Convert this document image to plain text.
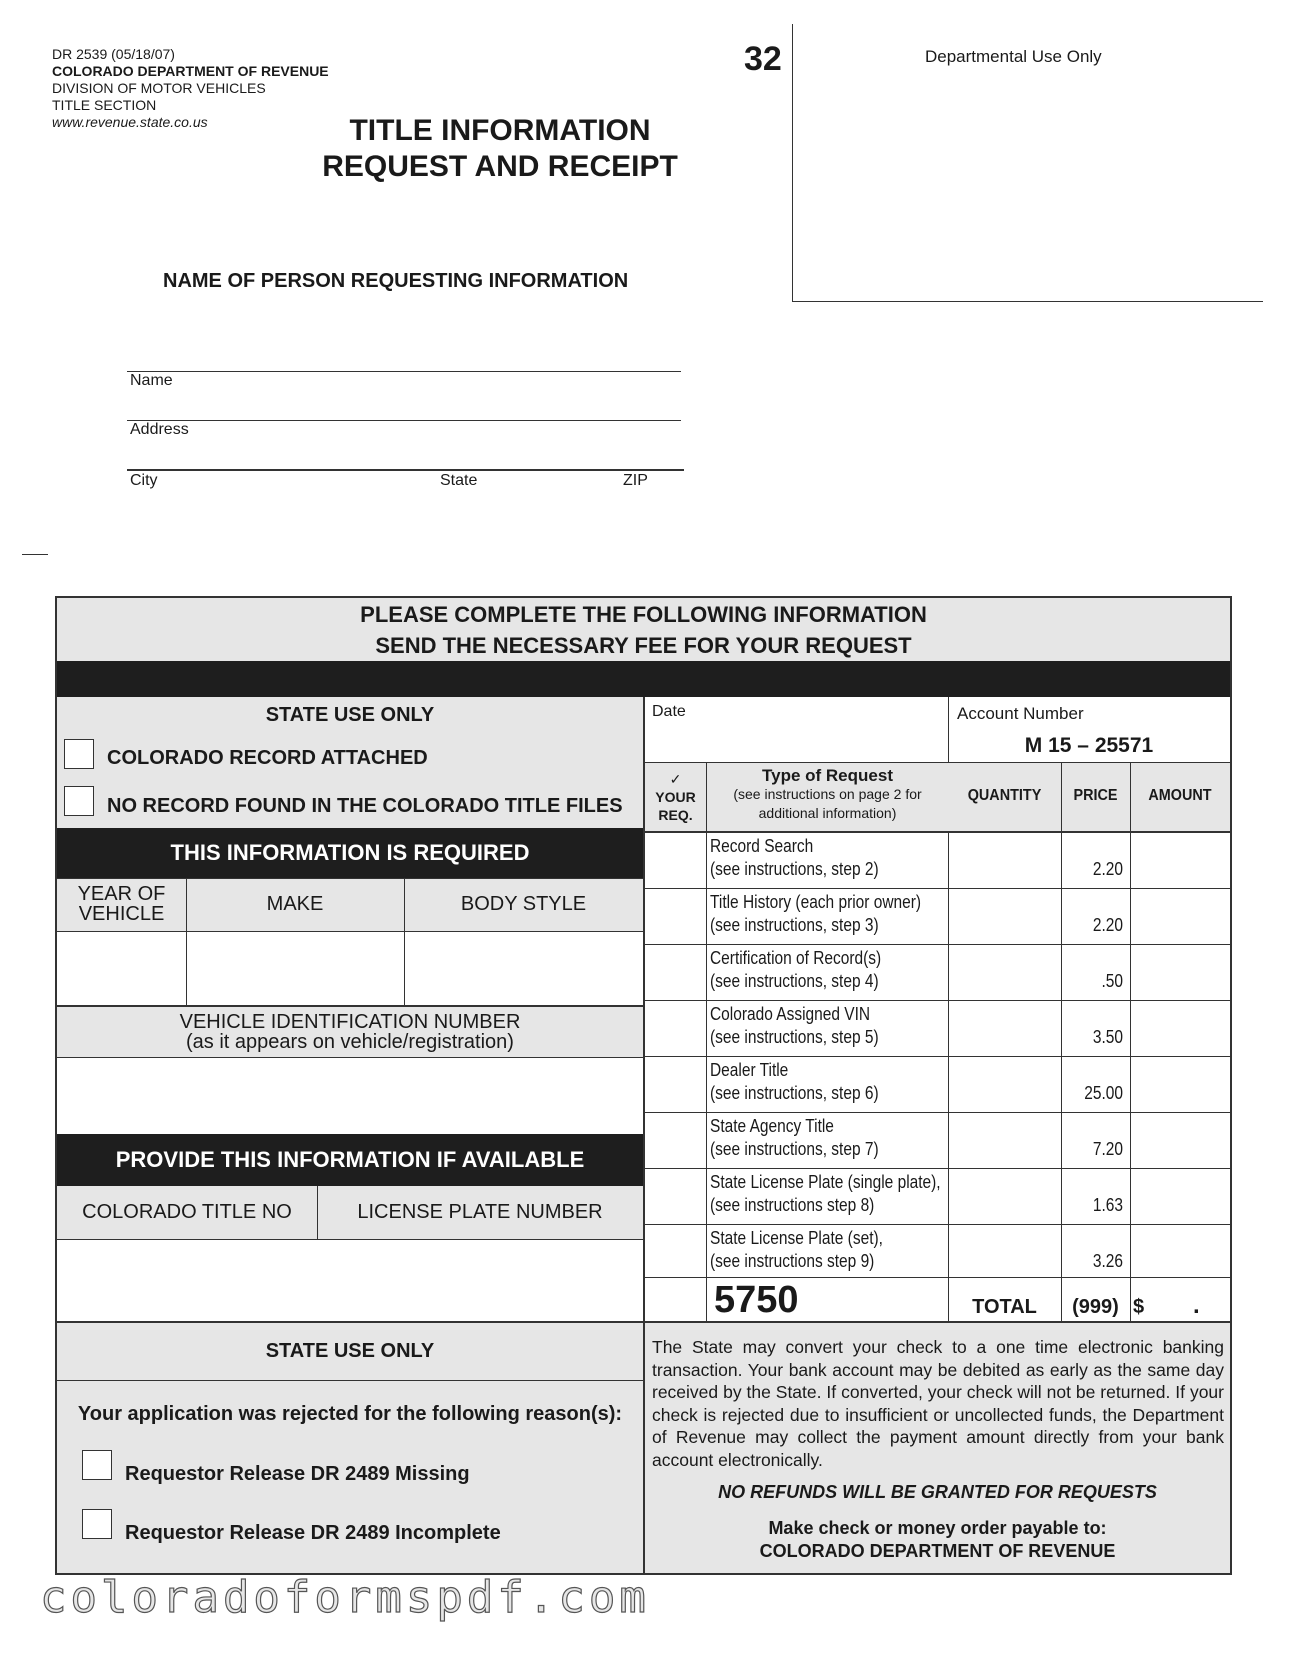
DR 2539 (05/18/07)
COLORADO DEPARTMENT OF REVENUE
DIVISION OF MOTOR VEHICLES
TITLE SECTION
www.revenue.state.co.us
32
TITLE INFORMATION
REQUEST AND RECEIPT
Departmental Use Only
NAME OF PERSON REQUESTING INFORMATION
Name
Address
City	State	ZIP
PLEASE COMPLETE THE FOLLOWING INFORMATION
SEND THE NECESSARY FEE FOR YOUR REQUEST
STATE USE ONLY
COLORADO RECORD ATTACHED
NO RECORD FOUND IN THE COLORADO TITLE FILES
THIS INFORMATION IS REQUIRED
YEAR OF
VEHICLE	MAKE	BODY STYLE
VEHICLE IDENTIFICATION NUMBER
(as it appears on vehicle/registration)
PROVIDE THIS INFORMATION IF AVAILABLE
COLORADO TITLE NO	LICENSE PLATE NUMBER
STATE USE ONLY
Your application was rejected for the following reason(s):
Requestor Release DR 2489 Missing
Requestor Release DR 2489 Incomplete
Date	Account Number
M 15 – 25571
✓
YOUR
REQ.
Type of Request
(see instructions on page 2 for
additional information)
QUANTITY	PRICE	AMOUNT
Record Search
(see instructions, step 2)	2.20
Title History (each prior owner)
(see instructions, step 3)	2.20
Certification of Record(s)
(see instructions, step 4)	.50
Colorado Assigned VIN
(see instructions, step 5)	3.50
Dealer Title
(see instructions, step 6)	25.00
State Agency Title
(see instructions, step 7)	7.20
State License Plate (single plate),
(see instructions step 8)	1.63
State License Plate (set),
(see instructions step 9)	3.26
5750	TOTAL	(999) $ .
The State may convert your check to a one time electronic banking transaction. Your bank account may be debited as early as the same day received by the State. If converted, your check will not be returned. If your check is rejected due to insufficient or uncollected funds, the Department of Revenue may collect the payment amount directly from your bank account electronically.
NO REFUNDS WILL BE GRANTED FOR REQUESTS
Make check or money order payable to:
COLORADO DEPARTMENT OF REVENUE
coloradoformspdf.com
